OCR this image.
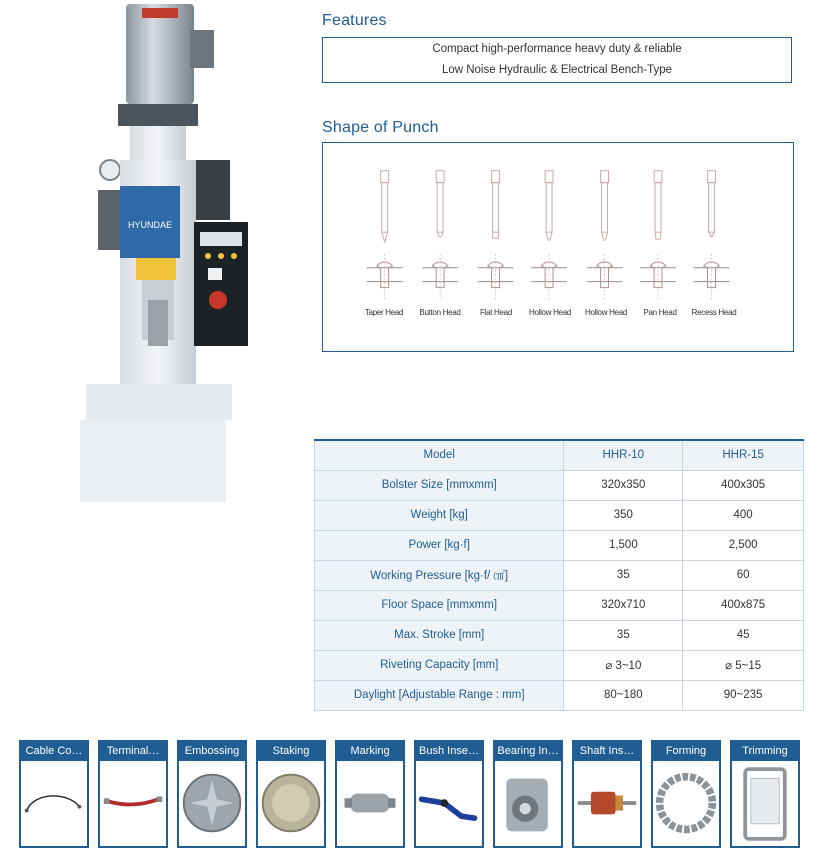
HYUNDAE
Features
Compact high-performance heavy duty & reliable
Low Noise Hydraulic & Electrical Bench-Type
Shape of Punch
Taper Head	Button Head	Flat Head	Hollow Head	Hollow Head	Pan Head	Recess Head
Model	HHR-10	HHR-15
Bolster Size [mmxmm]	320x350	400x305
Weight [kg]	350	400
Power [kg·f]	1,500	2,500
Working Pressure [kg·f/ ㎠]	35	60
Floor Space [mmxmm]	320x710	400x875
Max. Stroke [mm]	35	45
Riveting Capacity [mm]	⌀ 3~10	⌀ 5~15
Daylight [Adjustable Range : mm]	80~180	90~235
Cable Co…	Terminal…	Embossing	Staking	Marking	Bush Inse… Bearing In…	Shaft Ins…	Forming	Trimming
